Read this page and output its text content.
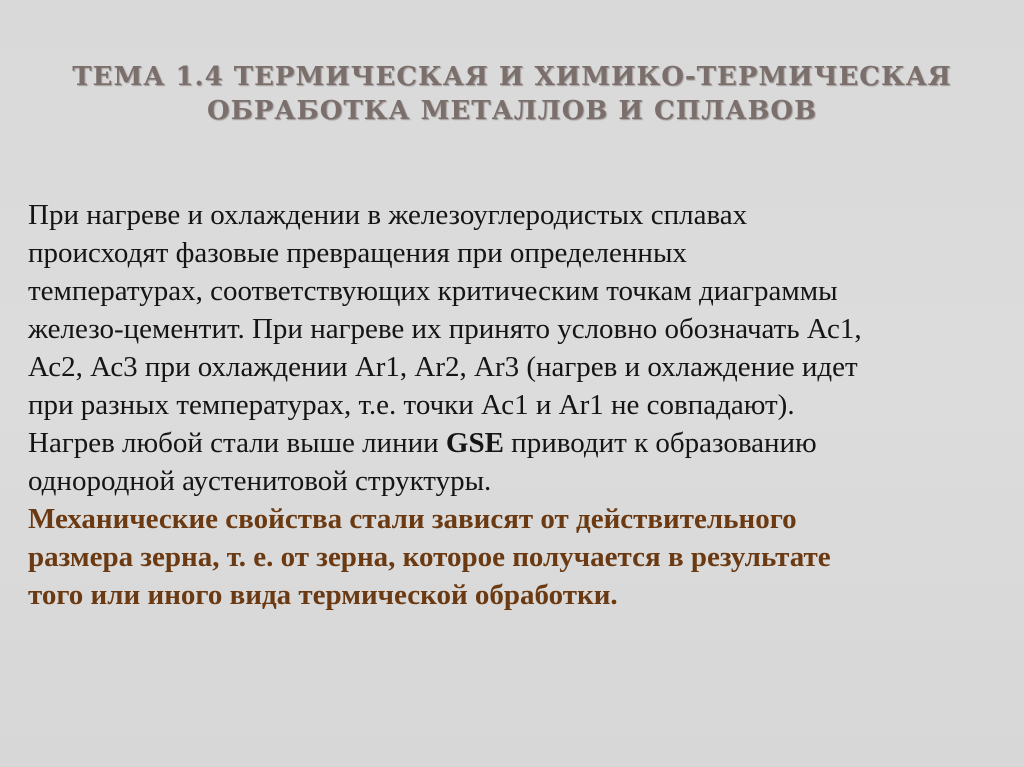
ТЕМА 1.4 ТЕРМИЧЕСКАЯ И ХИМИКО-ТЕРМИЧЕСКАЯ
ОБРАБОТКА МЕТАЛЛОВ И СПЛАВОВ
При нагреве и охлаждении в железоуглеродистых сплавах
происходят фазовые превращения при определенных
температурах, соответствующих критическим точкам диаграммы
железо-цементит. При нагреве их принято условно обозначать Ас1,
Ас2, Ас3 при охлаждении Аr1, Аr2, Аr3 (нагрев и охлаждение идет
при разных температурах, т.е. точки Ас1 и Аr1 не совпадают).
Нагрев любой стали выше линии GSE приводит к образованию
однородной аустенитовой структуры.
Механические свойства стали зависят от действительного
размера зерна, т. е. от зерна, которое получается в результате
того или иного вида термической обработки.
